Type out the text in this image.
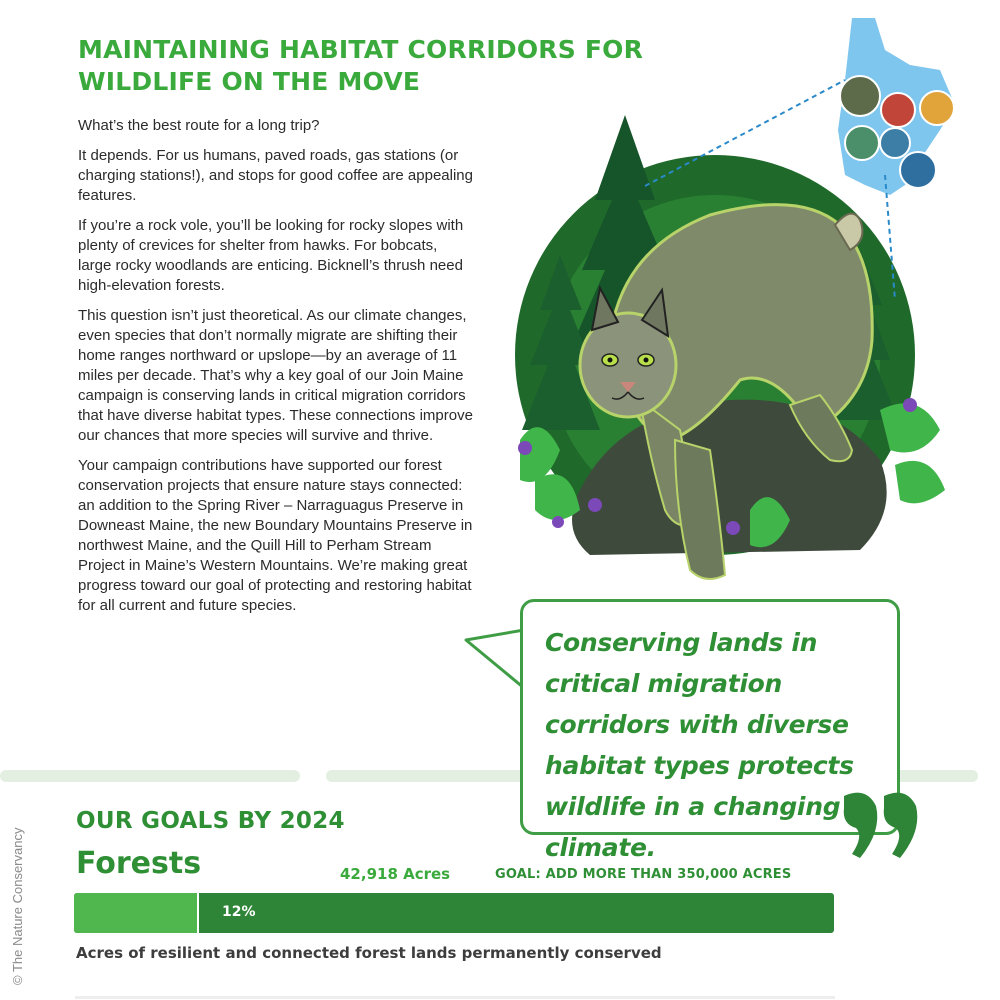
MAINTAINING HABITAT CORRIDORS FOR
WILDLIFE ON THE MOVE

What’s the best route for a long trip?

It depends. For us humans, paved roads, gas stations (or charging stations!), and stops for good coffee are appealing features.

If you’re a rock vole, you’ll be looking for rocky slopes with plenty of crevices for shelter from hawks. For bobcats, large rocky woodlands are enticing. Bicknell’s thrush need high-elevation forests.

This question isn’t just theoretical. As our climate changes, even species that don’t normally migrate are shifting their home ranges northward or upslope—by an average of 11 miles per decade. That’s why a key goal of our Join Maine campaign is conserving lands in critical migration corridors that have diverse habitat types. These connections improve our chances that more species will survive and thrive.

Your campaign contributions have supported our forest conservation projects that ensure nature stays connected: an addition to the Spring River – Narraguagus Preserve in Downeast Maine, the new Boundary Mountains Preserve in northwest Maine, and the Quill Hill to Perham Stream Project in Maine’s Western Mountains. We’re making great progress toward our goal of protecting and restoring habitat for all current and future species.

Conserving lands in critical migration corridors with diverse habitat types protects wildlife in a changing climate.

OUR GOALS BY 2024
Forests	42,918 Acres	GOAL: ADD MORE THAN 350,000 ACRES
12%
Acres of resilient and connected forest lands permanently conserved
© The Nature Conservancy
